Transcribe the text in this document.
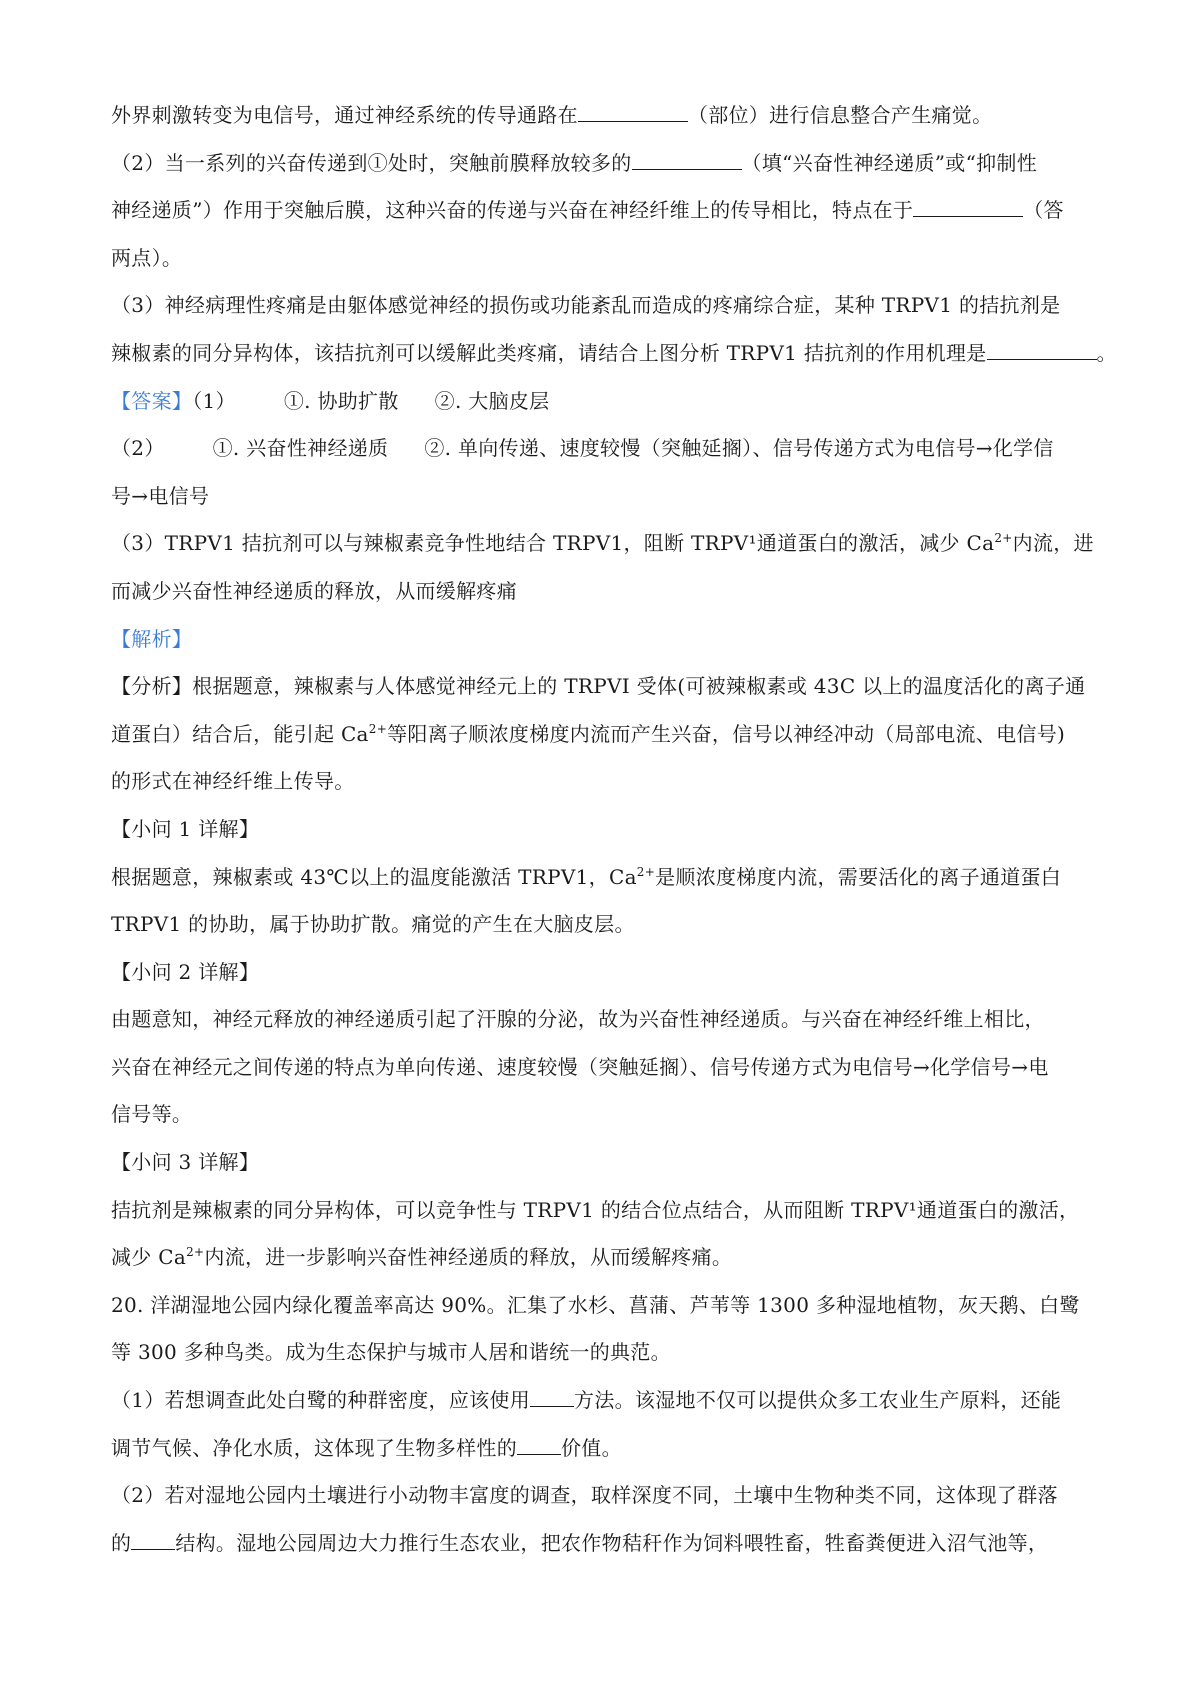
外界刺激转变为电信号，通过神经系统的传导通路在	（部位）进行信息整合产生痛觉。
（2）当一系列的兴奋传递到①处时，突触前膜释放较多的	（填“兴奋性神经递质”或“抑制性
神经递质”）作用于突触后膜，这种兴奋的传递与兴奋在神经纤维上的传导相比，特点在于	（答
两点）。
（3）神经病理性疼痛是由躯体感觉神经的损伤或功能紊乱而造成的疼痛综合症，某种 TRPV1 的拮抗剂是
辣椒素的同分异构体，该拮抗剂可以缓解此类疼痛，请结合上图分析 TRPV1 拮抗剂的作用机理是	。
【答案】（1） ①. 协助扩散 ②. 大脑皮层
（2） ①. 兴奋性神经递质 ②. 单向传递、速度较慢（突触延搁）、信号传递方式为电信号→化学信
号→电信号
（3）TRPV1 拮抗剂可以与辣椒素竞争性地结合 TRPV1，阻断 TRPV¹通道蛋白的激活，减少 $Ca^{2+}$内流，进
而减少兴奋性神经递质的释放，从而缓解疼痛
【解析】
【分析】根据题意，辣椒素与人体感觉神经元上的 TRPVI 受体(可被辣椒素或 43C 以上的温度活化的离子通
道蛋白）结合后，能引起 $Ca^{2+}$等阳离子顺浓度梯度内流而产生兴奋，信号以神经冲动（局部电流、电信号)
的形式在神经纤维上传导。
【小问 1 详解】
根据题意，辣椒素或 43℃以上的温度能激活 TRPV1，$Ca^{2+}$是顺浓度梯度内流，需要活化的离子通道蛋白
TRPV1 的协助，属于协助扩散。痛觉的产生在大脑皮层。
【小问 2 详解】
由题意知，神经元释放的神经递质引起了汗腺的分泌，故为兴奋性神经递质。与兴奋在神经纤维上相比，
兴奋在神经元之间传递的特点为单向传递、速度较慢（突触延搁）、信号传递方式为电信号→化学信号→电
信号等。
【小问 3 详解】
拮抗剂是辣椒素的同分异构体，可以竞争性与 TRPV1 的结合位点结合，从而阻断 TRPV¹通道蛋白的激活，
减少 $Ca^{2+}$内流，进一步影响兴奋性神经递质的释放，从而缓解疼痛。
20. 洋湖湿地公园内绿化覆盖率高达 90%。汇集了水杉、菖蒲、芦苇等 1300 多种湿地植物，灰天鹅、白鹭
等 300 多种鸟类。成为生态保护与城市人居和谐统一的典范。
（1）若想调查此处白鹭的种群密度，应该使用 方法。该湿地不仅可以提供众多工农业生产原料，还能
调节气候、净化水质，这体现了生物多样性的 价值。
（2）若对湿地公园内土壤进行小动物丰富度的调查，取样深度不同，土壤中生物种类不同，这体现了群落
的 结构。湿地公园周边大力推行生态农业，把农作物秸秆作为饲料喂牲畜，牲畜粪便进入沼气池等，
